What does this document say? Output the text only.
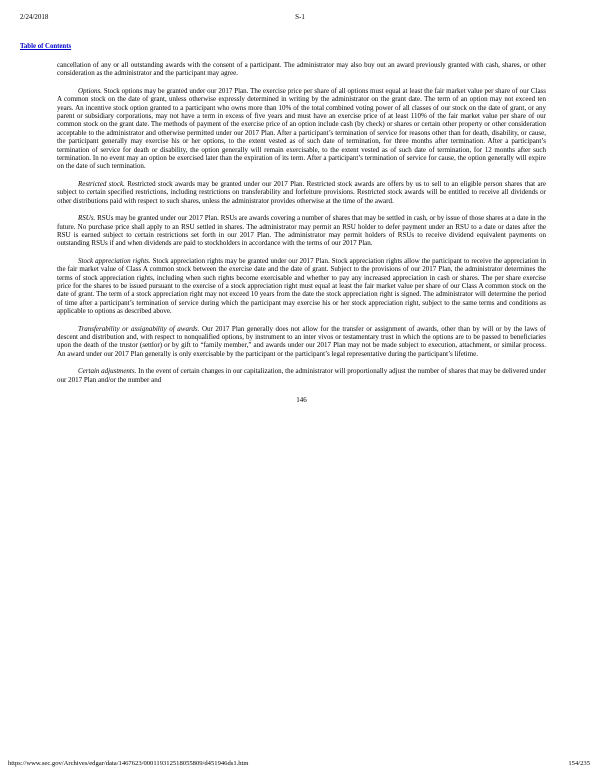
2/24/2018	S-1
Table of Contents

cancellation of any or all outstanding awards with the consent of a participant. The administrator may also buy out an award previously granted with cash, shares, or other consideration as the administrator and the participant may agree.

Options. Stock options may be granted under our 2017 Plan. The exercise price per share of all options must equal at least the fair market value per share of our Class A common stock on the date of grant, unless otherwise expressly determined in writing by the administrator on the grant date. The term of an option may not exceed ten years. An incentive stock option granted to a participant who owns more than 10% of the total combined voting power of all classes of our stock on the date of grant, or any parent or subsidiary corporations, may not have a term in excess of five years and must have an exercise price of at least 110% of the fair market value per share of our common stock on the grant date. The methods of payment of the exercise price of an option include cash (by check) or shares or certain other property or other consideration acceptable to the administrator and otherwise permitted under our 2017 Plan. After a participant’s termination of service for reasons other than for death, disability, or cause, the participant generally may exercise his or her options, to the extent vested as of such date of termination, for three months after termination. After a participant’s termination of service for death or disability, the option generally will remain exercisable, to the extent vested as of such date of termination, for 12 months after such termination. In no event may an option be exercised later than the expiration of its term. After a participant’s termination of service for cause, the option generally will expire on the date of such termination.

Restricted stock. Restricted stock awards may be granted under our 2017 Plan. Restricted stock awards are offers by us to sell to an eligible person shares that are subject to certain specified restrictions, including restrictions on transferability and forfeiture provisions. Restricted stock awards will be entitled to receive all dividends or other distributions paid with respect to such shares, unless the administrator provides otherwise at the time of the award.

RSUs. RSUs may be granted under our 2017 Plan. RSUs are awards covering a number of shares that may be settled in cash, or by issue of those shares at a date in the future. No purchase price shall apply to an RSU settled in shares. The administrator may permit an RSU holder to defer payment under an RSU to a date or dates after the RSU is earned subject to certain restrictions set forth in our 2017 Plan. The administrator may permit holders of RSUs to receive dividend equivalent payments on outstanding RSUs if and when dividends are paid to stockholders in accordance with the terms of our 2017 Plan.

Stock appreciation rights. Stock appreciation rights may be granted under our 2017 Plan. Stock appreciation rights allow the participant to receive the appreciation in the fair market value of Class A common stock between the exercise date and the date of grant. Subject to the provisions of our 2017 Plan, the administrator determines the terms of stock appreciation rights, including when such rights become exercisable and whether to pay any increased appreciation in cash or shares. The per share exercise price for the shares to be issued pursuant to the exercise of a stock appreciation right must equal at least the fair market value per share of our Class A common stock on the date of grant. The term of a stock appreciation right may not exceed 10 years from the date the stock appreciation right is signed. The administrator will determine the period of time after a participant’s termination of service during which the participant may exercise his or her stock appreciation right, subject to the same terms and conditions as applicable to options as described above.

Transferability or assignability of awards. Our 2017 Plan generally does not allow for the transfer or assignment of awards, other than by will or by the laws of descent and distribution and, with respect to nonqualified options, by instrument to an inter vivos or testamentary trust in which the options are to be passed to beneficiaries upon the death of the trustor (settlor) or by gift to “family member,” and awards under our 2017 Plan may not be made subject to execution, attachment, or similar process. An award under our 2017 Plan generally is only exercisable by the participant or the participant’s legal representative during the participant’s lifetime.

Certain adjustments. In the event of certain changes in our capitalization, the administrator will proportionally adjust the number of shares that may be delivered under our 2017 Plan and/or the number and

146
https://www.sec.gov/Archives/edgar/data/1467623/000119312518055809/d451946ds1.htm	154/235
